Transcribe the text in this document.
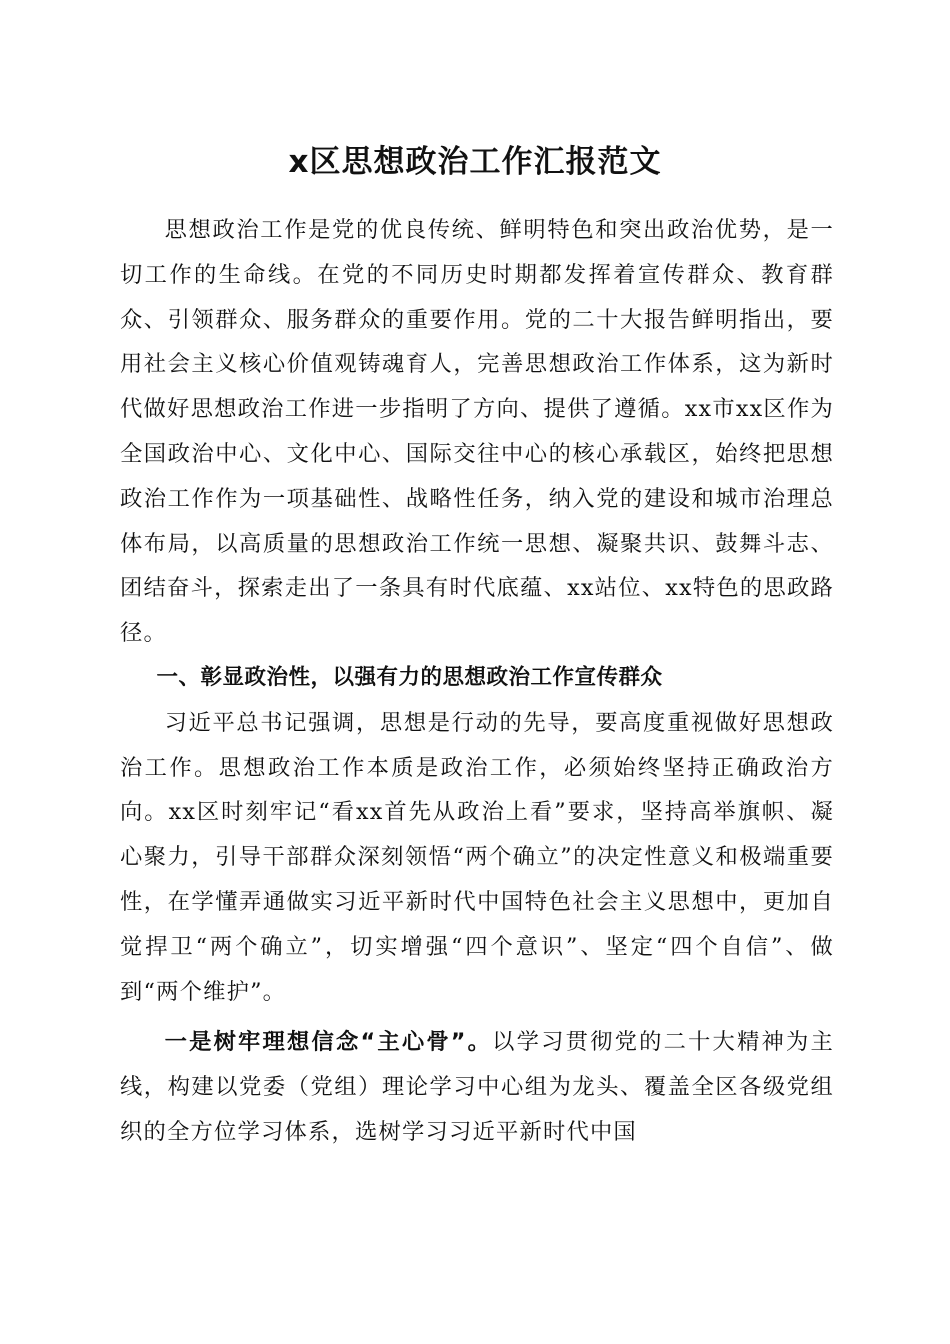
x区思想政治工作汇报范文

思想政治工作是党的优良传统、鲜明特色和突出政治优势，是一切工作的生命线。在党的不同历史时期都发挥着宣传群众、教育群众、引领群众、服务群众的重要作用。党的二十大报告鲜明指出，要用社会主义核心价值观铸魂育人，完善思想政治工作体系，这为新时代做好思想政治工作进一步指明了方向、提供了遵循。xx市xx区作为全国政治中心、文化中心、国际交往中心的核心承载区，始终把思想政治工作作为一项基础性、战略性任务，纳入党的建设和城市治理总体布局，以高质量的思想政治工作统一思想、凝聚共识、鼓舞斗志、团结奋斗，探索走出了一条具有时代底蕴、xx站位、xx特色的思政路径。

一、彰显政治性，以强有力的思想政治工作宣传群众

习近平总书记强调，思想是行动的先导，要高度重视做好思想政治工作。思想政治工作本质是政治工作，必须始终坚持正确政治方向。xx区时刻牢记“看xx首先从政治上看”要求，坚持高举旗帜、凝心聚力，引导干部群众深刻领悟“两个确立”的决定性意义和极端重要性，在学懂弄通做实习近平新时代中国特色社会主义思想中，更加自觉捍卫“两个确立”，切实增强“四个意识”、坚定“四个自信”、做到“两个维护”。

一是树牢理想信念“主心骨”。以学习贯彻党的二十大精神为主线，构建以党委（党组）理论学习中心组为龙头、覆盖全区各级党组织的全方位学习体系，选树学习习近平新时代中国
